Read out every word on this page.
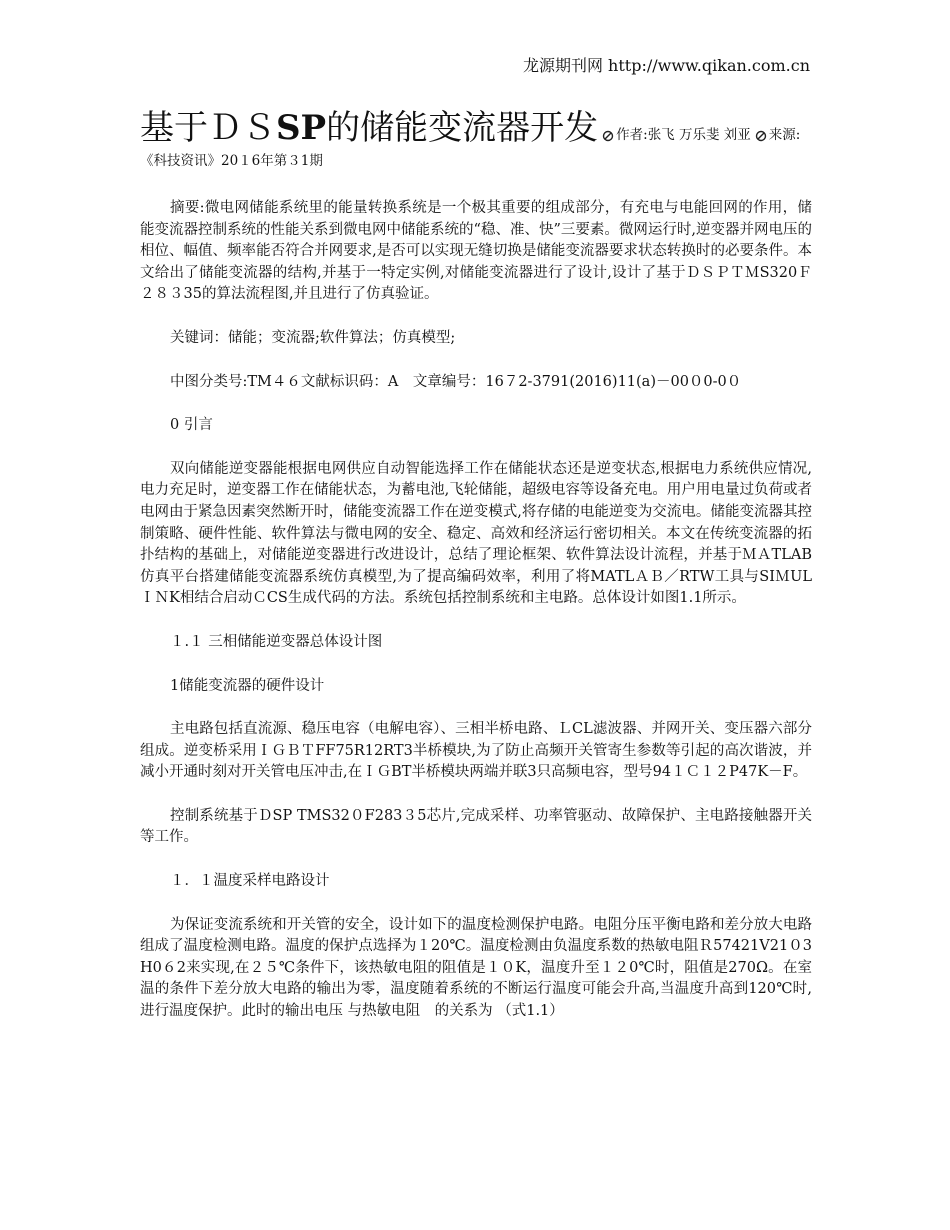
龙源期刊网 http://www.qikan.com.cn
基于ＤＳSP的储能变流器开发 作者:张飞 万乐斐 刘亚 来源:
《科技资讯》20１6年第３1期

摘要:微电网储能系统里的能量转换系统是一个极其重要的组成部分，有充电与电能回网的作用，储能变流器控制系统的性能关系到微电网中储能系统的“稳、准、快”三要素。微网运行时,逆变器并网电压的相位、幅值、频率能否符合并网要求,是否可以实现无缝切换是储能变流器要求状态转换时的必要条件。本文给出了储能变流器的结构,并基于一特定实例,对储能变流器进行了设计,设计了基于ＤＳＰＴＭS320Ｆ２８３35的算法流程图,并且进行了仿真验证。

关键词：储能；变流器;软件算法；仿真模型;

中图分类号:TM４６文献标识码：A　文章编号：16７2-3791(2016)11(a)－00０0-0０

0 引言

双向储能逆变器能根据电网供应自动智能选择工作在储能状态还是逆变状态,根据电力系统供应情况,电力充足时，逆变器工作在储能状态，为蓄电池,飞轮储能，超级电容等设备充电。用户用电量过负荷或者电网由于紧急因素突然断开时，储能变流器工作在逆变模式,将存储的电能逆变为交流电。储能变流器其控制策略、硬件性能、软件算法与微电网的安全、稳定、高效和经济运行密切相关。本文在传统变流器的拓扑结构的基础上，对储能逆变器进行改进设计，总结了理论框架、软件算法设计流程，并基于ＭＡTLAB仿真平台搭建储能变流器系统仿真模型,为了提高编码效率，利用了将MATLＡＢ／RTW工具与SIＭULＩＮK相结合启动ＣCS生成代码的方法。系统包括控制系统和主电路。总体设计如图1.1所示。

１.１ 三相储能逆变器总体设计图

1储能变流器的硬件设计

主电路包括直流源、稳压电容（电解电容）、三相半桥电路、ＬCL滤波器、并网开关、变压器六部分组成。逆变桥采用ＩＧＢＴFF75R12RT3半桥模块,为了防止高频开关管寄生参数等引起的高次谐波，并减小开通时刻对开关管电压冲击,在ＩＧBT半桥模块两端并联3只高频电容，型号94１Ｃ１２P47K－F。

控制系统基于ＤSP TMS32０F283３5芯片,完成采样、功率管驱动、故障保护、主电路接触器开关等工作。

１．１温度采样电路设计

为保证变流系统和开关管的安全，设计如下的温度检测保护电路。电阻分压平衡电路和差分放大电路组成了温度检测电路。温度的保护点选择为１20℃。温度检测由负温度系数的热敏电阻Ｒ57421V21０3 H0６2来实现,在２５℃条件下，该热敏电阻的阻值是１０K，温度升至１２0℃时，阻值是270Ω。在室温的条件下差分放大电路的输出为零，温度随着系统的不断运行温度可能会升高,当温度升高到120℃时,进行温度保护。此时的输出电压 与热敏电阻　的关系为 （式1.1）
